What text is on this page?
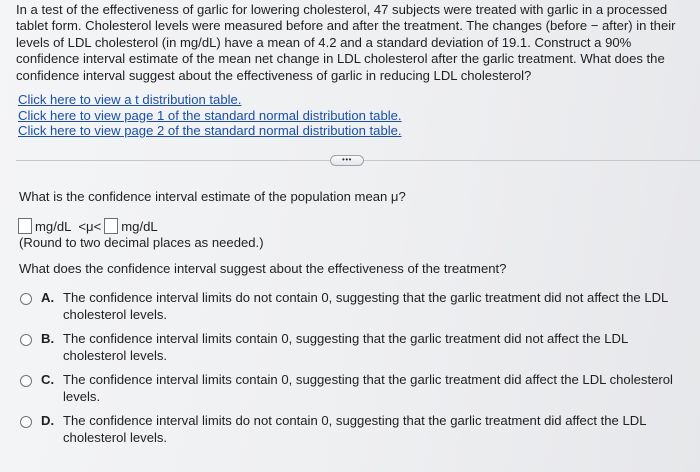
In a test of the effectiveness of garlic for lowering cholesterol, 47 subjects were treated with garlic in a processed tablet form. Cholesterol levels were measured before and after the treatment. The changes (before − after) in their levels of LDL cholesterol (in mg/dL) have a mean of 4.2 and a standard deviation of 19.1. Construct a 90% confidence interval estimate of the mean net change in LDL cholesterol after the garlic treatment. What does the confidence interval suggest about the effectiveness of garlic in reducing LDL cholesterol?

Click here to view a t distribution table.
Click here to view page 1 of the standard normal distribution table.
Click here to view page 2 of the standard normal distribution table.
•••

What is the confidence interval estimate of the population mean μ?

mg/dL <μ< mg/dL

(Round to two decimal places as needed.)

What does the confidence interval suggest about the effectiveness of the treatment?

A. The confidence interval limits do not contain 0, suggesting that the garlic treatment did not affect the LDL cholesterol levels.
B. The confidence interval limits contain 0, suggesting that the garlic treatment did not affect the LDL cholesterol levels.
C. The confidence interval limits contain 0, suggesting that the garlic treatment did affect the LDL cholesterol levels.
D. The confidence interval limits do not contain 0, suggesting that the garlic treatment did affect the LDL cholesterol levels.
